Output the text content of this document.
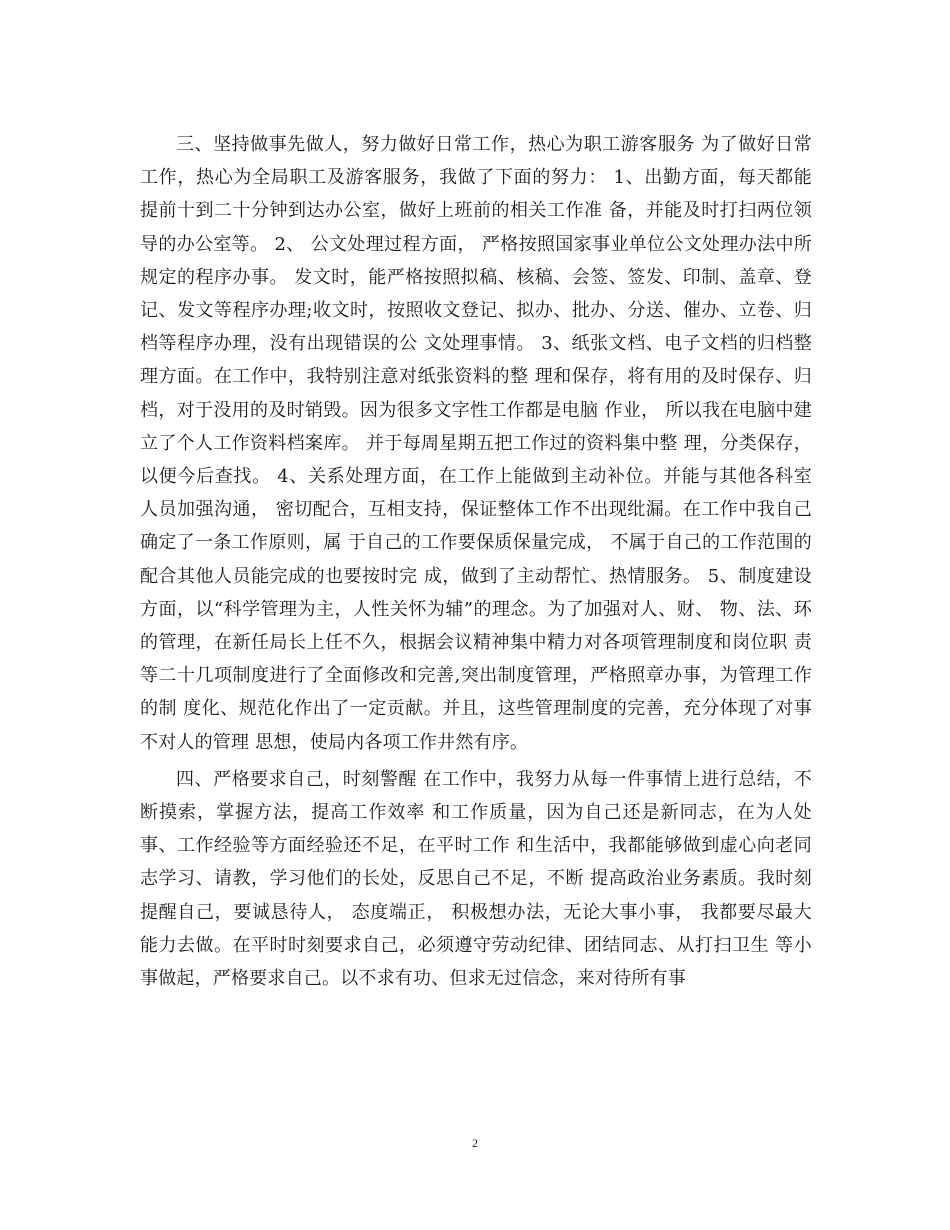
三、坚持做事先做人，努力做好日常工作，热心为职工游客服务 为了做好日常工作，热心为全局职工及游客服务，我做了下面的努力： 1、出勤方面，每天都能提前十到二十分钟到达办公室，做好上班前的相关工作准 备，并能及时打扫两位领导的办公室等。 2、 公文处理过程方面， 严格按照国家事业单位公文处理办法中所规定的程序办事。 发文时，能严格按照拟稿、核稿、会签、签发、印制、盖章、登记、发文等程序办理;收文时，按照收文登记、拟办、批办、分送、催办、立卷、归档等程序办理，没有出现错误的公 文处理事情。 3、纸张文档、电子文档的归档整理方面。在工作中，我特别注意对纸张资料的整 理和保存，将有用的及时保存、归档，对于没用的及时销毁。因为很多文字性工作都是电脑 作业， 所以我在电脑中建立了个人工作资料档案库。 并于每周星期五把工作过的资料集中整 理，分类保存，以便今后查找。 4、关系处理方面，在工作上能做到主动补位。并能与其他各科室人员加强沟通， 密切配合，互相支持，保证整体工作不出现纰漏。在工作中我自己确定了一条工作原则，属 于自己的工作要保质保量完成， 不属于自己的工作范围的配合其他人员能完成的也要按时完 成，做到了主动帮忙、热情服务。 5、制度建设方面，以“科学管理为主，人性关怀为辅”的理念。为了加强对人、财、 物、法、环的管理，在新任局长上任不久，根据会议精神集中精力对各项管理制度和岗位职 责等二十几项制度进行了全面修改和完善,突出制度管理，严格照章办事，为管理工作的制 度化、规范化作出了一定贡献。并且，这些管理制度的完善，充分体现了对事不对人的管理 思想，使局内各项工作井然有序。

四、严格要求自己，时刻警醒 在工作中，我努力从每一件事情上进行总结，不断摸索，掌握方法，提高工作效率 和工作质量，因为自己还是新同志，在为人处事、工作经验等方面经验还不足，在平时工作 和生活中，我都能够做到虚心向老同志学习、请教，学习他们的长处，反思自己不足，不断 提高政治业务素质。我时刻提醒自己，要诚恳待人， 态度端正， 积极想办法，无论大事小事， 我都要尽最大能力去做。在平时时刻要求自己，必须遵守劳动纪律、团结同志、从打扫卫生 等小事做起，严格要求自己。以不求有功、但求无过信念，来对待所有事

2
